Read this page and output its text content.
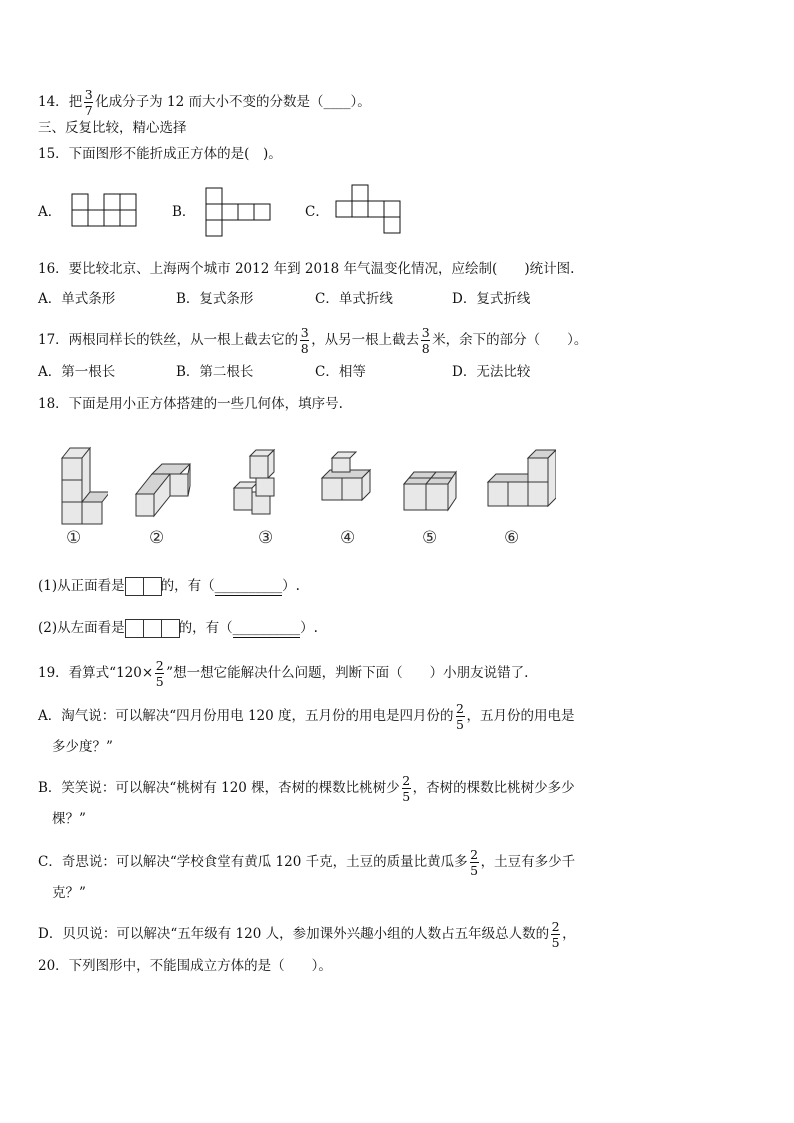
14．把 $\frac{3}{7}$ 化成分子为 12 而大小不变的分数是（____）。
三、反复比较，精心选择
15．下面图形不能折成正方体的是(　)。
A．	B．	C．
16．要比较北京、上海两个城市 2012 年到 2018 年气温变化情况，应绘制(　　)统计图.
A．单式条形	B．复式条形	C．单式折线	D．复式折线
17．两根同样长的铁丝，从一根上截去它的 $\frac{3}{8}$ ，从另一根上截去 $\frac{3}{8}$ 米，余下的部分（　　）。
A．第一根长	B．第二根长	C．相等	D．无法比较
18．下面是用小正方体搭建的一些几何体，填序号.
①	②	③	④	⑤	⑥
(1)从正面看是	的，有（__________）.
(2)从左面看是	的，有（__________）.
19．看算式“$120\times \frac{2}{5}$ ”想一想它能解决什么问题，判断下面（　　）小朋友说错了.
A．淘气说：可以解决“四月份用电 120 度，五月份的用电是四月份的 $\frac{2}{5}$ ，五月份的用电是
多少度？”
B．笑笑说：可以解决“桃树有 120 棵，杏树的棵数比桃树少 $\frac{2}{5}$ ，杏树的棵数比桃树少多少
棵？”
C．奇思说：可以解决“学校食堂有黄瓜 120 千克，土豆的质量比黄瓜多 $\frac{2}{5}$ ，土豆有多少千
克？”
D．贝贝说：可以解决“五年级有 120 人，参加课外兴趣小组的人数占五年级总人数的 $\frac{2}{5}$ ，
20．下列图形中，不能围成立方体的是（　　）。
